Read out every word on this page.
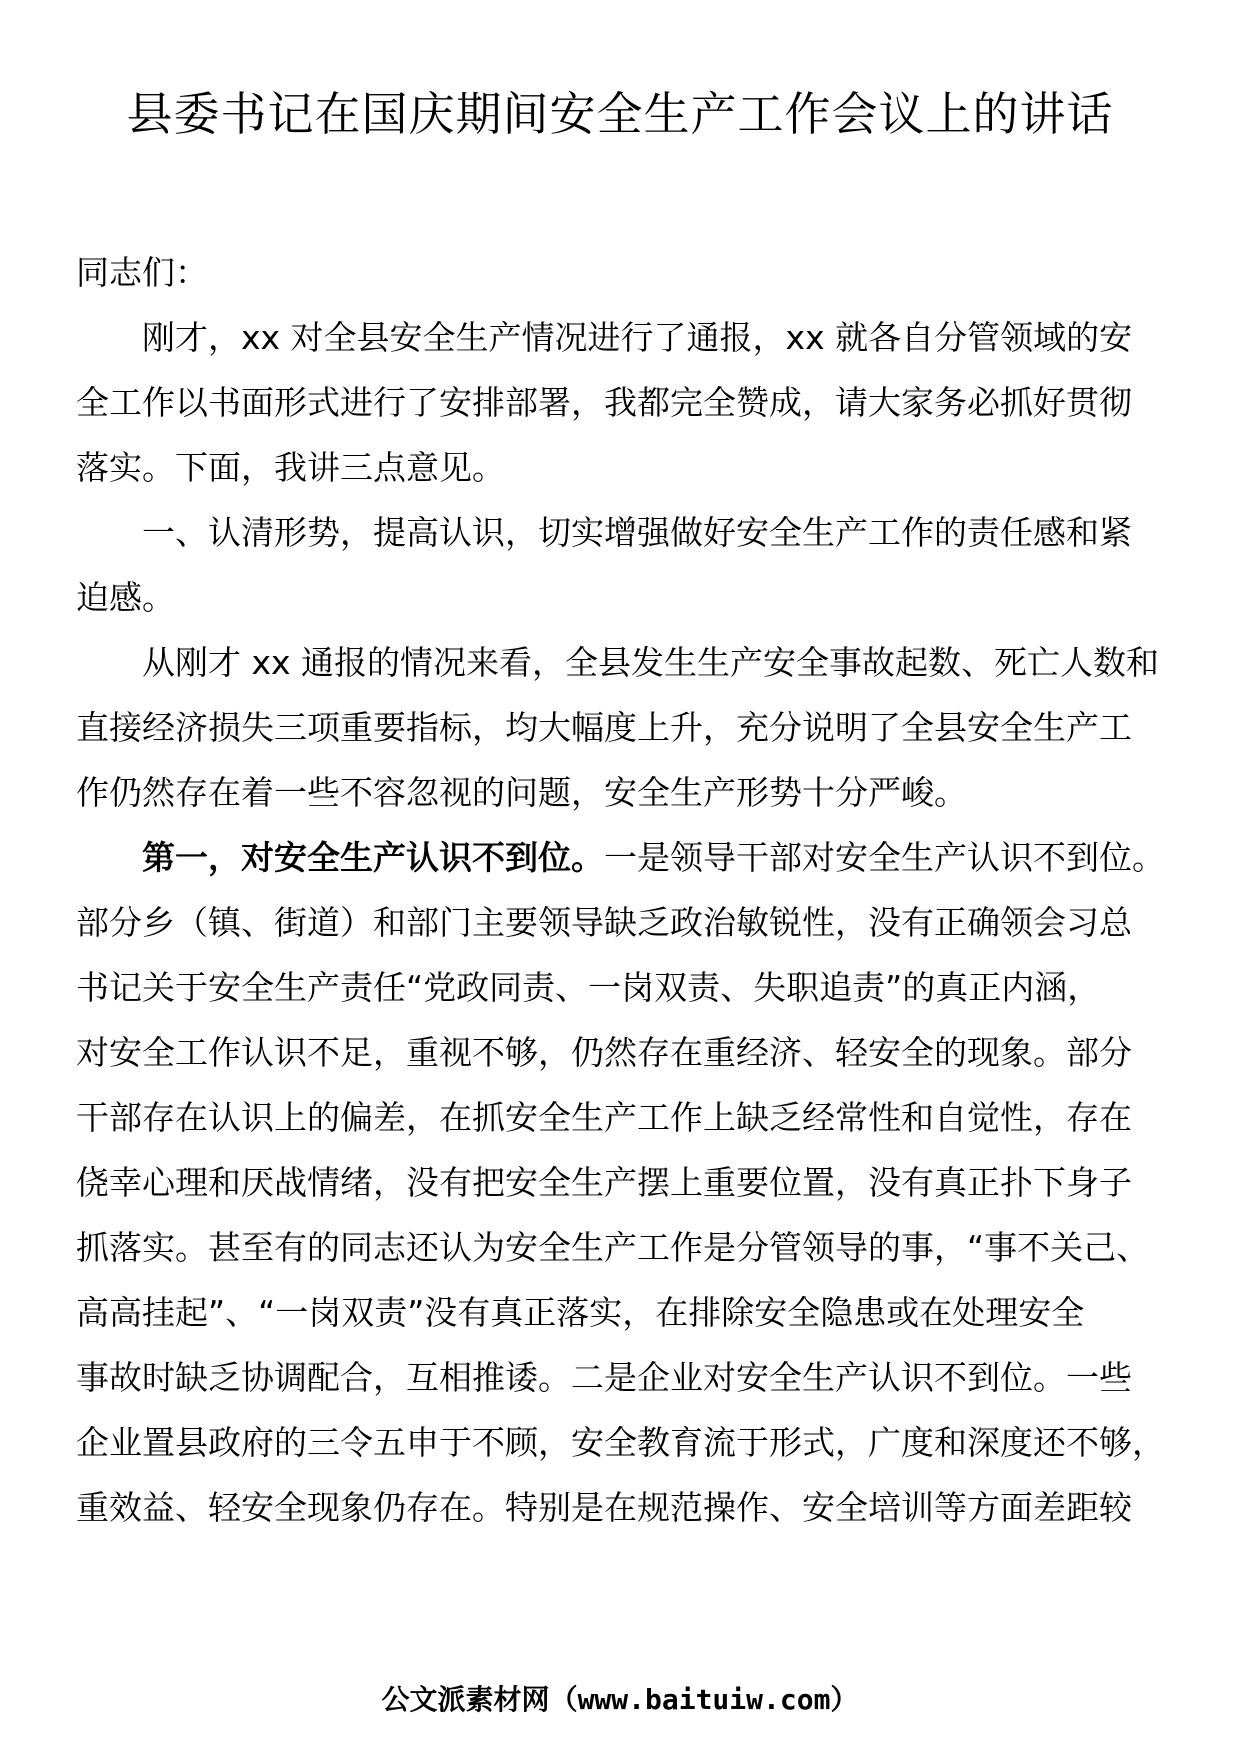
县委书记在国庆期间安全生产工作会议上的讲话
同志们：
刚才，xx 对全县安全生产情况进行了通报，xx 就各自分管领域的安
全工作以书面形式进行了安排部署，我都完全赞成，请大家务必抓好贯彻
落实。下面，我讲三点意见。
一、认清形势，提高认识，切实增强做好安全生产工作的责任感和紧
迫感。
从刚才 xx 通报的情况来看，全县发生生产安全事故起数、死亡人数和
直接经济损失三项重要指标，均大幅度上升，充分说明了全县安全生产工
作仍然存在着一些不容忽视的问题，安全生产形势十分严峻。
第一，对安全生产认识不到位。一是领导干部对安全生产认识不到位。
部分乡（镇、街道）和部门主要领导缺乏政治敏锐性，没有正确领会习总
书记关于安全生产责任“党政同责、一岗双责、失职追责”的真正内涵，
对安全工作认识不足，重视不够，仍然存在重经济、轻安全的现象。部分
干部存在认识上的偏差，在抓安全生产工作上缺乏经常性和自觉性，存在
侥幸心理和厌战情绪，没有把安全生产摆上重要位置，没有真正扑下身子
抓落实。甚至有的同志还认为安全生产工作是分管领导的事，“事不关己、
高高挂起”、“一岗双责”没有真正落实，在排除安全隐患或在处理安全
事故时缺乏协调配合，互相推诿。二是企业对安全生产认识不到位。一些
企业置县政府的三令五申于不顾，安全教育流于形式，广度和深度还不够，
重效益、轻安全现象仍存在。特别是在规范操作、安全培训等方面差距较
公文派素材网（www.baituiw.com）
